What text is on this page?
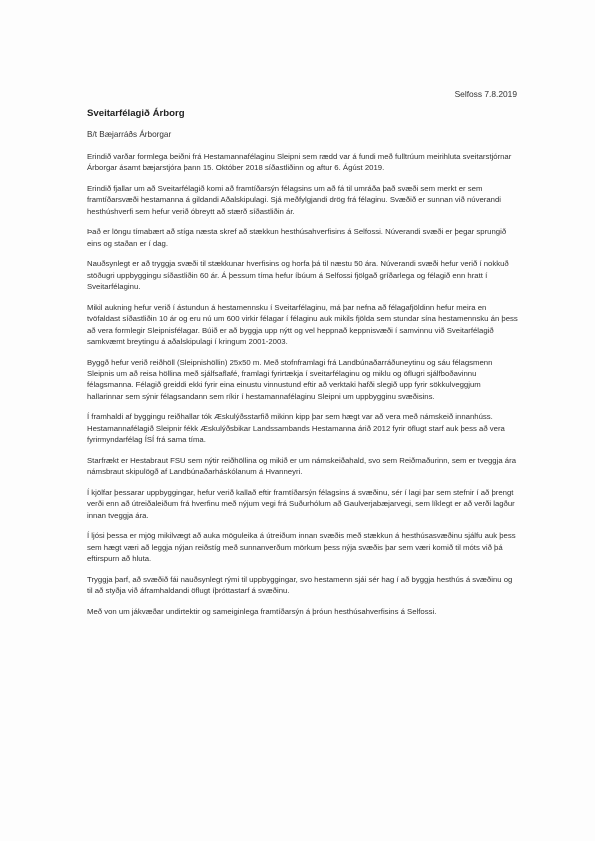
Selfoss 7.8.2019
Sveitarfélagið Árborg
B/t Bæjarráðs Árborgar

Erindið varðar formlega beiðni frá Hestamannafélaginu Sleipni sem rædd var á fundi með fulltrúum meirihluta sveitarstjórnar Árborgar ásamt bæjarstjóra þann 15. Október 2018 síðastliðinn og aftur 6. Ágúst 2019.

Erindið fjallar um að Sveitarfélagið komi að framtíðarsýn félagsins um að fá til umráða það svæði sem merkt er sem framtíðarsvæði hestamanna á gildandi Aðalskipulagi. Sjá meðfylgjandi drög frá félaginu. Svæðið er sunnan við núverandi hesthúshverfi sem hefur verið óbreytt að stærð síðastliðin ár.

Það er löngu tímabært að stíga næsta skref að stækkun hesthúsahverfisins á Selfossi. Núverandi svæði er þegar sprungið eins og staðan er í dag.

Nauðsynlegt er að tryggja svæði til stækkunar hverfisins og horfa þá til næstu 50 ára. Núverandi svæði hefur verið í nokkuð stöðugri uppbyggingu síðastliðin 60 ár. Á þessum tíma hefur íbúum á Selfossi fjölgað gríðarlega og félagið enn hratt í Sveitarfélaginu.

Mikil aukning hefur verið í ástundun á hestamennsku í Sveitarfélaginu, má þar nefna að félagafjöldinn hefur meira en tvöfaldast síðastliðin 10 ár og eru nú um 600 virkir félagar í félaginu auk mikils fjölda sem stundar sína hestamennsku án þess að vera formlegir Sleipnisfélagar. Búið er að byggja upp nýtt og vel heppnað keppnisvæði í samvinnu við Sveitarfélagið samkvæmt breytingu á aðalskipulagi í kringum 2001-2003.

Byggð hefur verið reiðhöll (Sleipnishöllin) 25x50 m. Með stofnframlagi frá Landbúnaðarráðuneytinu og sáu félagsmenn Sleipnis um að reisa höllina með sjálfsaflafé, framlagi fyrirtækja í sveitarfélaginu og miklu og öflugri sjálfboðavinnu félagsmanna. Félagið greiddi ekki fyrir eina einustu vinnustund eftir að verktaki hafði slegið upp fyrir sökkulveggjum hallarinnar sem sýnir félagsandann sem ríkir í hestamannafélaginu Sleipni um uppbygginu svæðisins.

Í framhaldi af byggingu reiðhallar tók Æskulýðsstarfið mikinn kipp þar sem hægt var að vera með námskeið innanhúss. Hestamannafélagið Sleipnir fékk Æskulýðsbikar Landssambands Hestamanna árið 2012 fyrir öflugt starf auk þess að vera fyrirmyndarfélag ÍSÍ frá sama tíma.

Starfrækt er Hestabraut FSU sem nýtir reiðhöllina og mikið er um námskeiðahald, svo sem Reiðmaðurinn, sem er tveggja ára námsbraut skipulögð af Landbúnaðarháskólanum á Hvanneyri.

Í kjölfar þessarar uppbyggingar, hefur verið kallað eftir framtíðarsýn félagsins á svæðinu, sér í lagi þar sem stefnir í að þrengt verði enn að útreiðaleiðum frá hverfinu með nýjum vegi frá Suðurhólum að Gaulverjabæjarvegi, sem líklegt er að verði lagður innan tveggja ára.

Í ljósi þessa er mjög mikilvægt að auka möguleika á útreiðum innan svæðis með stækkun á hesthúsasvæðinu sjálfu auk þess sem hægt væri að leggja nýjan reiðstíg með sunnanverðum mörkum þess nýja svæðis þar sem væri komið til móts við þá eftirspurn að hluta.

Tryggja þarf, að svæðið fái nauðsynlegt rými til uppbyggingar, svo hestamenn sjái sér hag í að byggja hesthús á svæðinu og til að styðja við áframhaldandi öflugt íþróttastarf á svæðinu.

Með von um jákvæðar undirtektir og sameiginlega framtíðarsýn á þróun hesthúsahverfisins á Selfossi.
